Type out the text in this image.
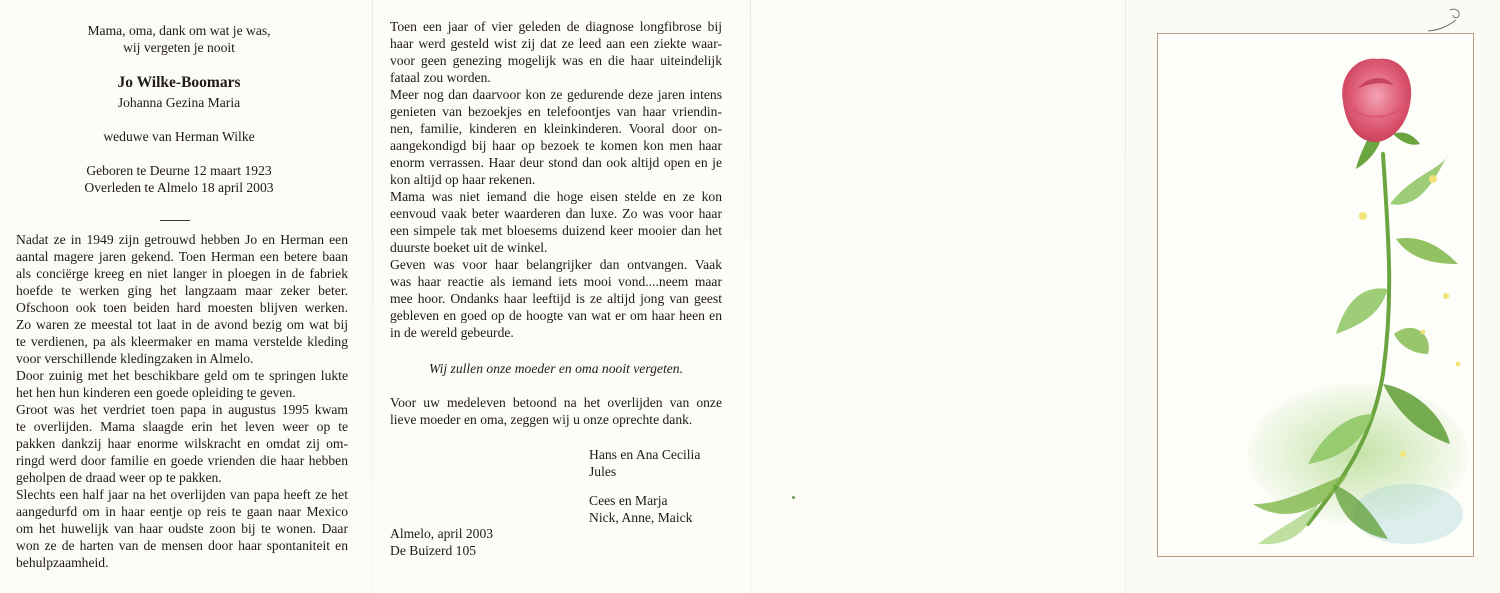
Mama, oma, dank om wat je was,
wij vergeten je nooit
Jo Wilke-Boomars
Johanna Gezina Maria
weduwe van Herman Wilke
Geboren te Deurne 12 maart 1923
Overleden te Almelo 18 april 2003
Nadat ze in 1949 zijn getrouwd hebben Jo en Herman een
aantal magere jaren gekend. Toen Herman een betere baan
als conciërge kreeg en niet langer in ploegen in de fabriek
hoefde te werken ging het langzaam maar zeker beter.
Ofschoon ook toen beiden hard moesten blijven werken.
Zo waren ze meestal tot laat in de avond bezig om wat bij
te verdienen, pa als kleermaker en mama verstelde kleding
voor verschillende kledingzaken in Almelo.
Door zuinig met het beschikbare geld om te springen lukte
het hen hun kinderen een goede opleiding te geven.
Groot was het verdriet toen papa in augustus 1995 kwam
te overlijden. Mama slaagde erin het leven weer op te
pakken dankzij haar enorme wilskracht en omdat zij om-
ringd werd door familie en goede vrienden die haar hebben
geholpen de draad weer op te pakken.
Slechts een half jaar na het overlijden van papa heeft ze het
aangedurfd om in haar eentje op reis te gaan naar Mexico
om het huwelijk van haar oudste zoon bij te wonen. Daar
won ze de harten van de mensen door haar spontaniteit en
behulpzaamheid.
Toen een jaar of vier geleden de diagnose longfibrose bij
haar werd gesteld wist zij dat ze leed aan een ziekte waar-
voor geen genezing mogelijk was en die haar uiteindelijk
fataal zou worden.
Meer nog dan daarvoor kon ze gedurende deze jaren intens
genieten van bezoekjes en telefoontjes van haar vriendin-
nen, familie, kinderen en kleinkinderen. Vooral door on-
aangekondigd bij haar op bezoek te komen kon men haar
enorm verrassen. Haar deur stond dan ook altijd open en je
kon altijd op haar rekenen.
Mama was niet iemand die hoge eisen stelde en ze kon
eenvoud vaak beter waarderen dan luxe. Zo was voor haar
een simpele tak met bloesems duizend keer mooier dan het
duurste boeket uit de winkel.
Geven was voor haar belangrijker dan ontvangen. Vaak
was haar reactie als iemand iets mooi vond....neem maar
mee hoor. Ondanks haar leeftijd is ze altijd jong van geest
gebleven en goed op de hoogte van wat er om haar heen en
in de wereld gebeurde.
Wij zullen onze moeder en oma nooit vergeten.
Voor uw medeleven betoond na het overlijden van onze
lieve moeder en oma, zeggen wij u onze oprechte dank.
Hans en Ana Cecilia
Jules
Cees en Marja
Nick, Anne, Maick
Almelo, april 2003
De Buizerd 105
